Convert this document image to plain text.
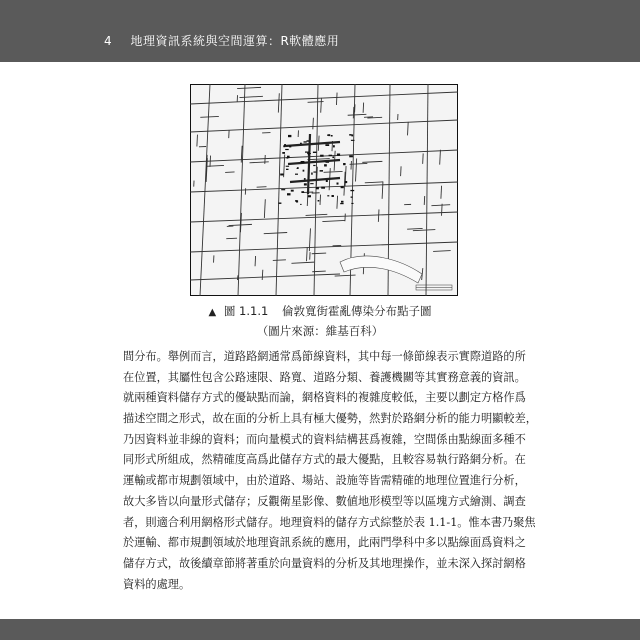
4 地理資訊系統與空間運算：R軟體應用
▲ 圖 1.1.1 倫敦寬街霍亂傳染分布點子圖
（圖片來源：維基百科）
間分布。舉例而言，道路路網通常爲節線資料，其中每一條節線表示實際道路的所
在位置，其屬性包含公路速限、路寬、道路分類、養護機關等其實務意義的資訊。
就兩種資料儲存方式的優缺點而論，網格資料的複雜度較低，主要以劃定方格作爲
描述空間之形式，故在面的分析上具有極大優勢，然對於路網分析的能力明顯較差，
乃因資料並非線的資料；而向量模式的資料結構甚爲複雜，空間係由點線面多種不
同形式所組成，然精確度高爲此儲存方式的最大優點，且較容易執行路網分析。在
運輸或都市規劃領域中，由於道路、場站、設施等皆需精確的地理位置進行分析，
故大多皆以向量形式儲存；反觀衛星影像、數値地形模型等以區塊方式繪測、調查
者，則適合利用網格形式儲存。地理資料的儲存方式綜整於表 1.1-1。惟本書乃聚焦
於運輸、都市規劃領域於地理資訊系統的應用，此兩門學科中多以點線面爲資料之
儲存方式，故後續章節將著重於向量資料的分析及其地理操作，並未深入探討網格
資料的處理。
